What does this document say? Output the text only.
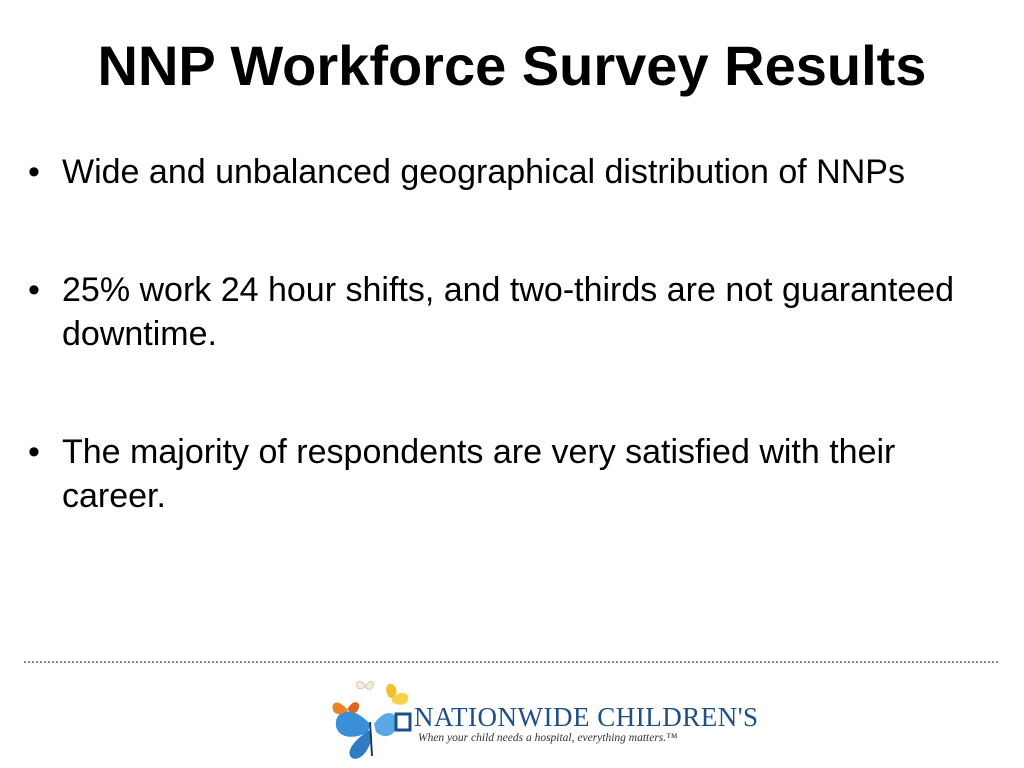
NNP Workforce Survey Results
• Wide and unbalanced geographical distribution of NNPs
• 25% work 24 hour shifts, and two-thirds are not guaranteed downtime.
• The majority of respondents are very satisfied with their career.
NATIONWIDE CHILDREN'S
When your child needs a hospital, everything matters.™
